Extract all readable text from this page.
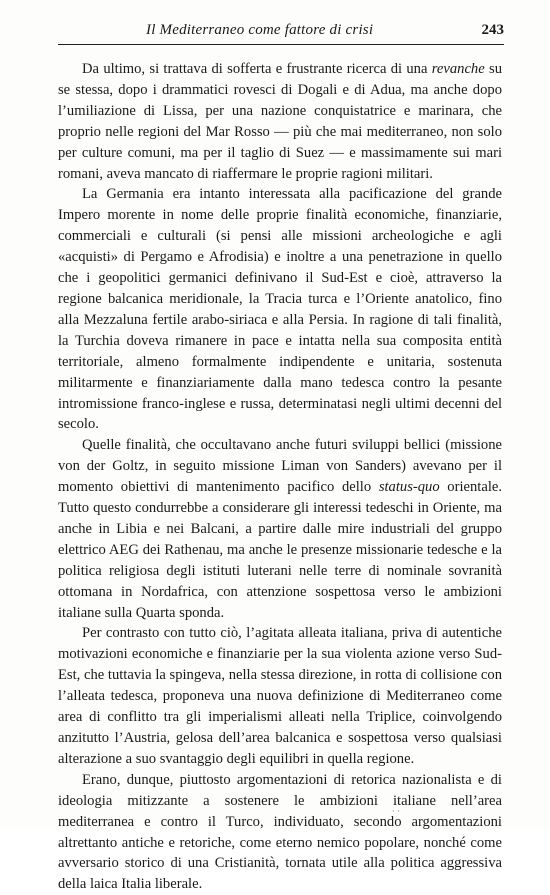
Il Mediterraneo come fattore di crisi	243

Da ultimo, si trattava di sofferta e frustrante ricerca di una revanche su se stessa, dopo i drammatici rovesci di Dogali e di Adua, ma anche dopo l’umiliazione di Lissa, per una nazione conquistatrice e marinara, che proprio nelle regioni del Mar Rosso — più che mai mediterraneo, non solo per culture comuni, ma per il taglio di Suez — e massimamente sui mari romani, aveva mancato di riaffermare le proprie ragioni militari.

La Germania era intanto interessata alla pacificazione del grande Impero morente in nome delle proprie finalità economiche, finanziarie, commerciali e culturali (si pensi alle missioni archeologiche e agli «acquisti» di Pergamo e Afrodisia) e inoltre a una penetrazione in quello che i geopolitici germanici definivano il Sud-Est e cioè, attraverso la regione balcanica meridionale, la Tracia turca e l’Oriente anatolico, fino alla Mezzaluna fertile arabo-siriaca e alla Persia. In ragione di tali finalità, la Turchia doveva rimanere in pace e intatta nella sua composita entità territoriale, almeno formalmente indipendente e unitaria, sostenuta militarmente e finanziariamente dalla mano tedesca contro la pesante intromissione franco-inglese e russa, determinatasi negli ultimi decenni del secolo.

Quelle finalità, che occultavano anche futuri sviluppi bellici (missione von der Goltz, in seguito missione Liman von Sanders) avevano per il momento obiettivi di mantenimento pacifico dello status-quo orientale. Tutto questo condurrebbe a considerare gli interessi tedeschi in Oriente, ma anche in Libia e nei Balcani, a partire dalle mire industriali del gruppo elettrico AEG dei Rathenau, ma anche le presenze missionarie tedesche e la politica religiosa degli istituti luterani nelle terre di nominale sovranità ottomana in Nordafrica, con attenzione sospettosa verso le ambizioni italiane sulla Quarta sponda.

Per contrasto con tutto ciò, l’agitata alleata italiana, priva di autentiche motivazioni economiche e finanziarie per la sua violenta azione verso Sud-Est, che tuttavia la spingeva, nella stessa direzione, in rotta di collisione con l’alleata tedesca, proponeva una nuova definizione di Mediterraneo come area di conflitto tra gli imperialismi alleati nella Triplice, coinvolgendo anzitutto l’Austria, gelosa dell’area balcanica e sospettosa verso qualsiasi alterazione a suo svantaggio degli equilibri in quella regione.

Erano, dunque, piuttosto argomentazioni di retorica nazionalista e di ideologia mitizzante a sostenere le ambizioni italiane nell’area mediterranea e contro il Turco, individuato, secondo argomentazioni altrettanto antiche e retoriche, come eterno nemico popolare, nonché come avversario storico di una Cristianità, tornata utile alla politica aggressiva della laica Italia liberale.

· ·
